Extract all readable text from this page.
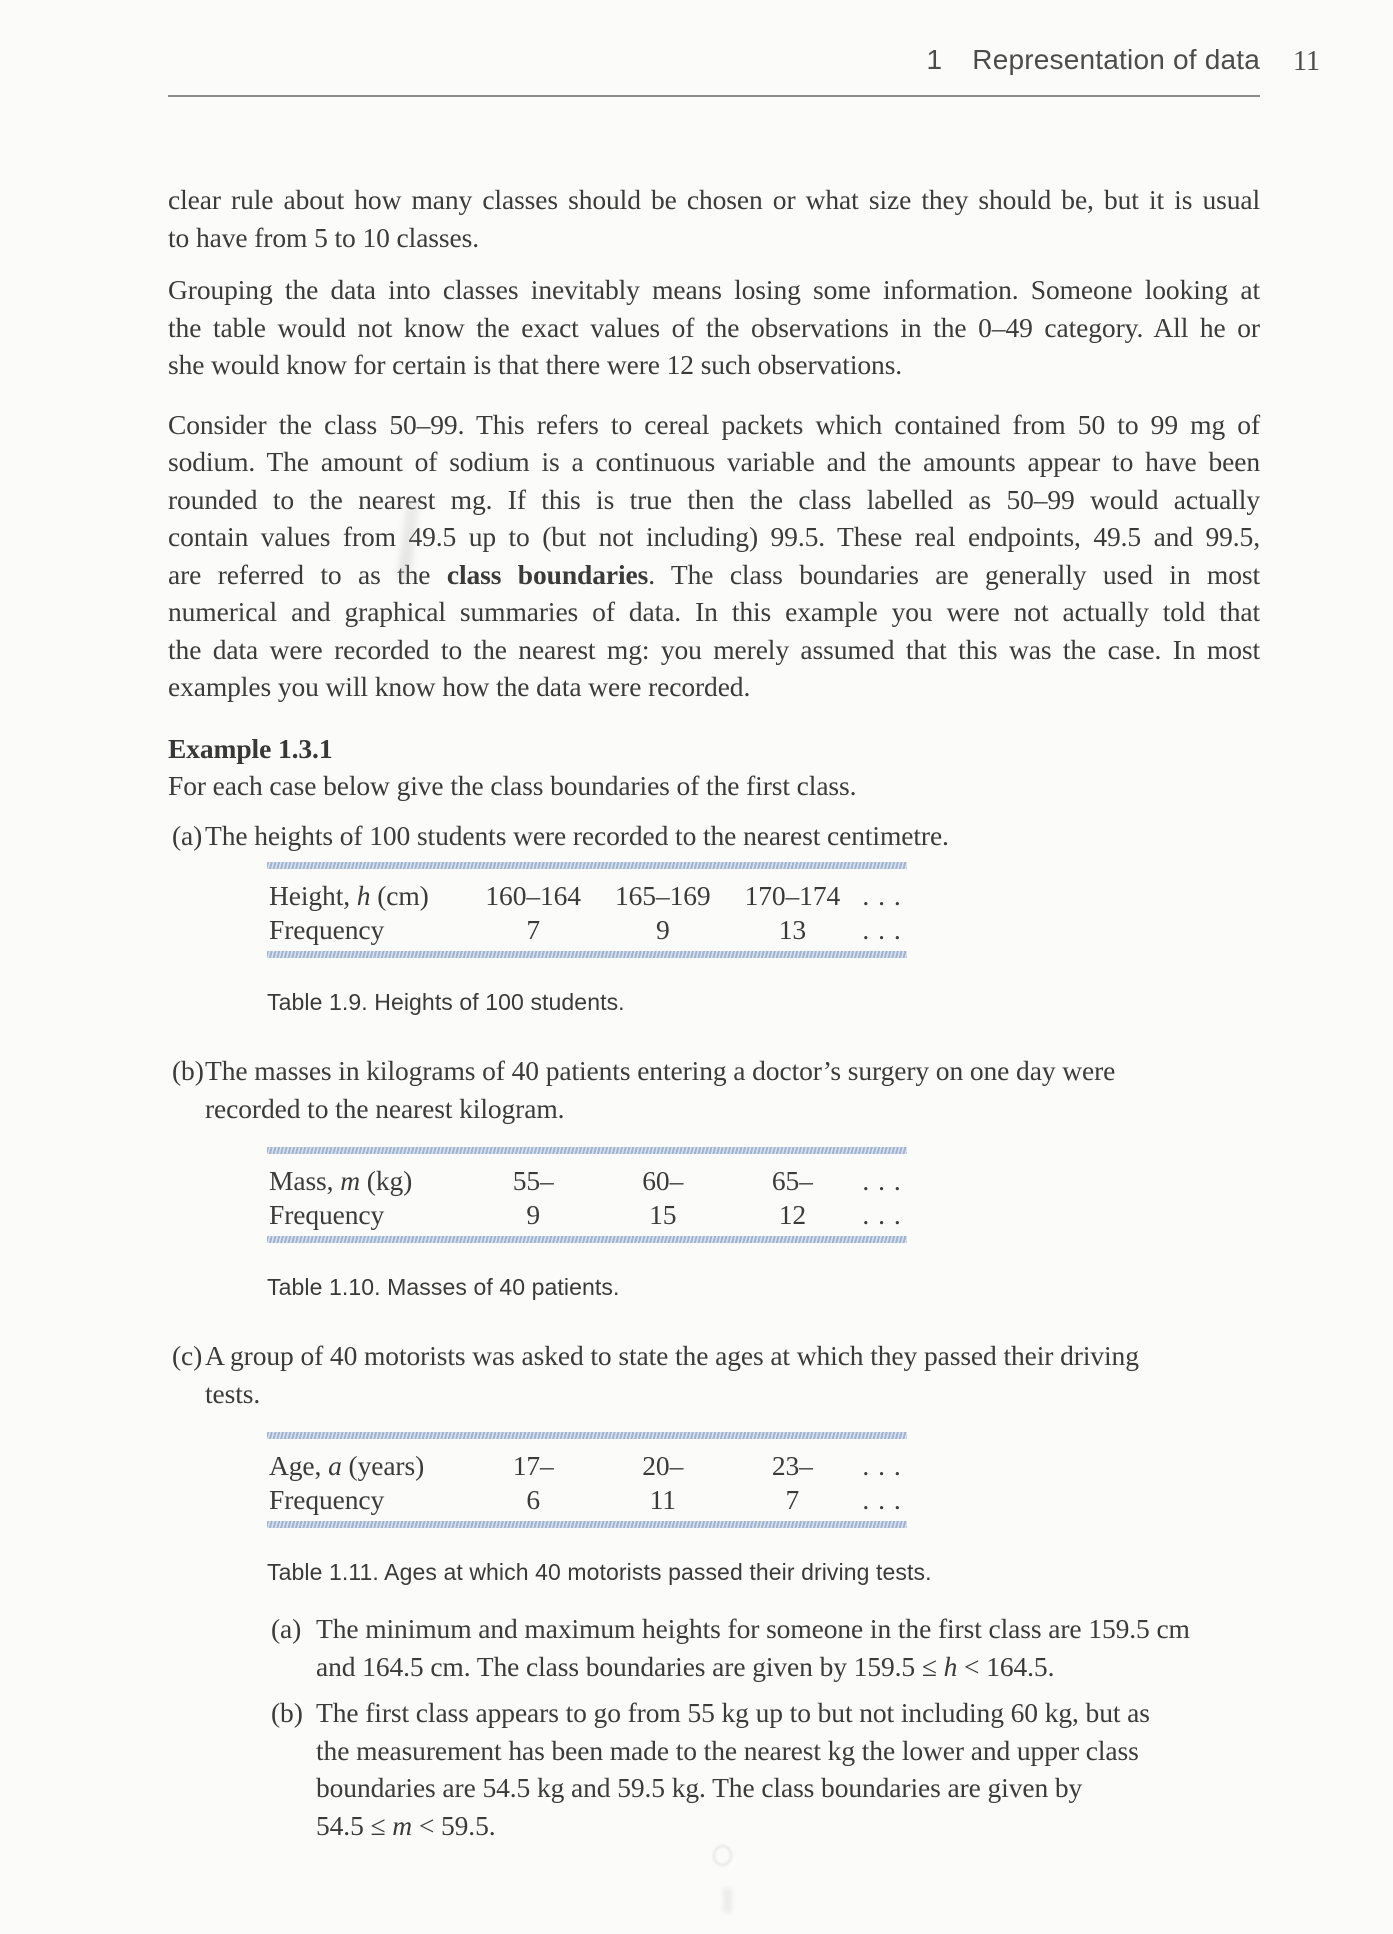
1 Representation of data 11
clear rule about how many classes should be chosen or what size they should be, but it is usual
to have from 5 to 10 classes.
Grouping the data into classes inevitably means losing some information. Someone looking at
the table would not know the exact values of the observations in the 0–49 category. All he or
she would know for certain is that there were 12 such observations.
Consider the class 50–99. This refers to cereal packets which contained from 50 to 99 mg of
sodium. The amount of sodium is a continuous variable and the amounts appear to have been
rounded to the nearest mg. If this is true then the class labelled as 50–99 would actually
contain values from 49.5 up to (but not including) 99.5. These real endpoints, 49.5 and 99.5,
are referred to as the class boundaries. The class boundaries are generally used in most
numerical and graphical summaries of data. In this example you were not actually told that
the data were recorded to the nearest mg: you merely assumed that this was the case. In most
examples you will know how the data were recorded.
Example 1.3.1
For each case below give the class boundaries of the first class.
(a) The heights of 100 students were recorded to the nearest centimetre.
Height, h (cm)	160–164	165–169	170–174 . . .
Frequency	7	9	13	. . .
Table 1.9. Heights of 100 students.
(b) The masses in kilograms of 40 patients entering a doctor’s surgery on one day were
recorded to the nearest kilogram.
Mass, m (kg)	55–	60–	65–	. . .
Frequency	9	15	12	. . .
Table 1.10. Masses of 40 patients.
(c) A group of 40 motorists was asked to state the ages at which they passed their driving
tests.
Age, a (years)	17–	20–	23–	. . .
Frequency	6	11	7	. . .
Table 1.11. Ages at which 40 motorists passed their driving tests.
(a) The minimum and maximum heights for someone in the first class are 159.5 cm
and 164.5 cm. The class boundaries are given by 159.5 ≤ h < 164.5.
(b) The first class appears to go from 55 kg up to but not including 60 kg, but as
the measurement has been made to the nearest kg the lower and upper class
boundaries are 54.5 kg and 59.5 kg. The class boundaries are given by
54.5 ≤ m < 59.5.
